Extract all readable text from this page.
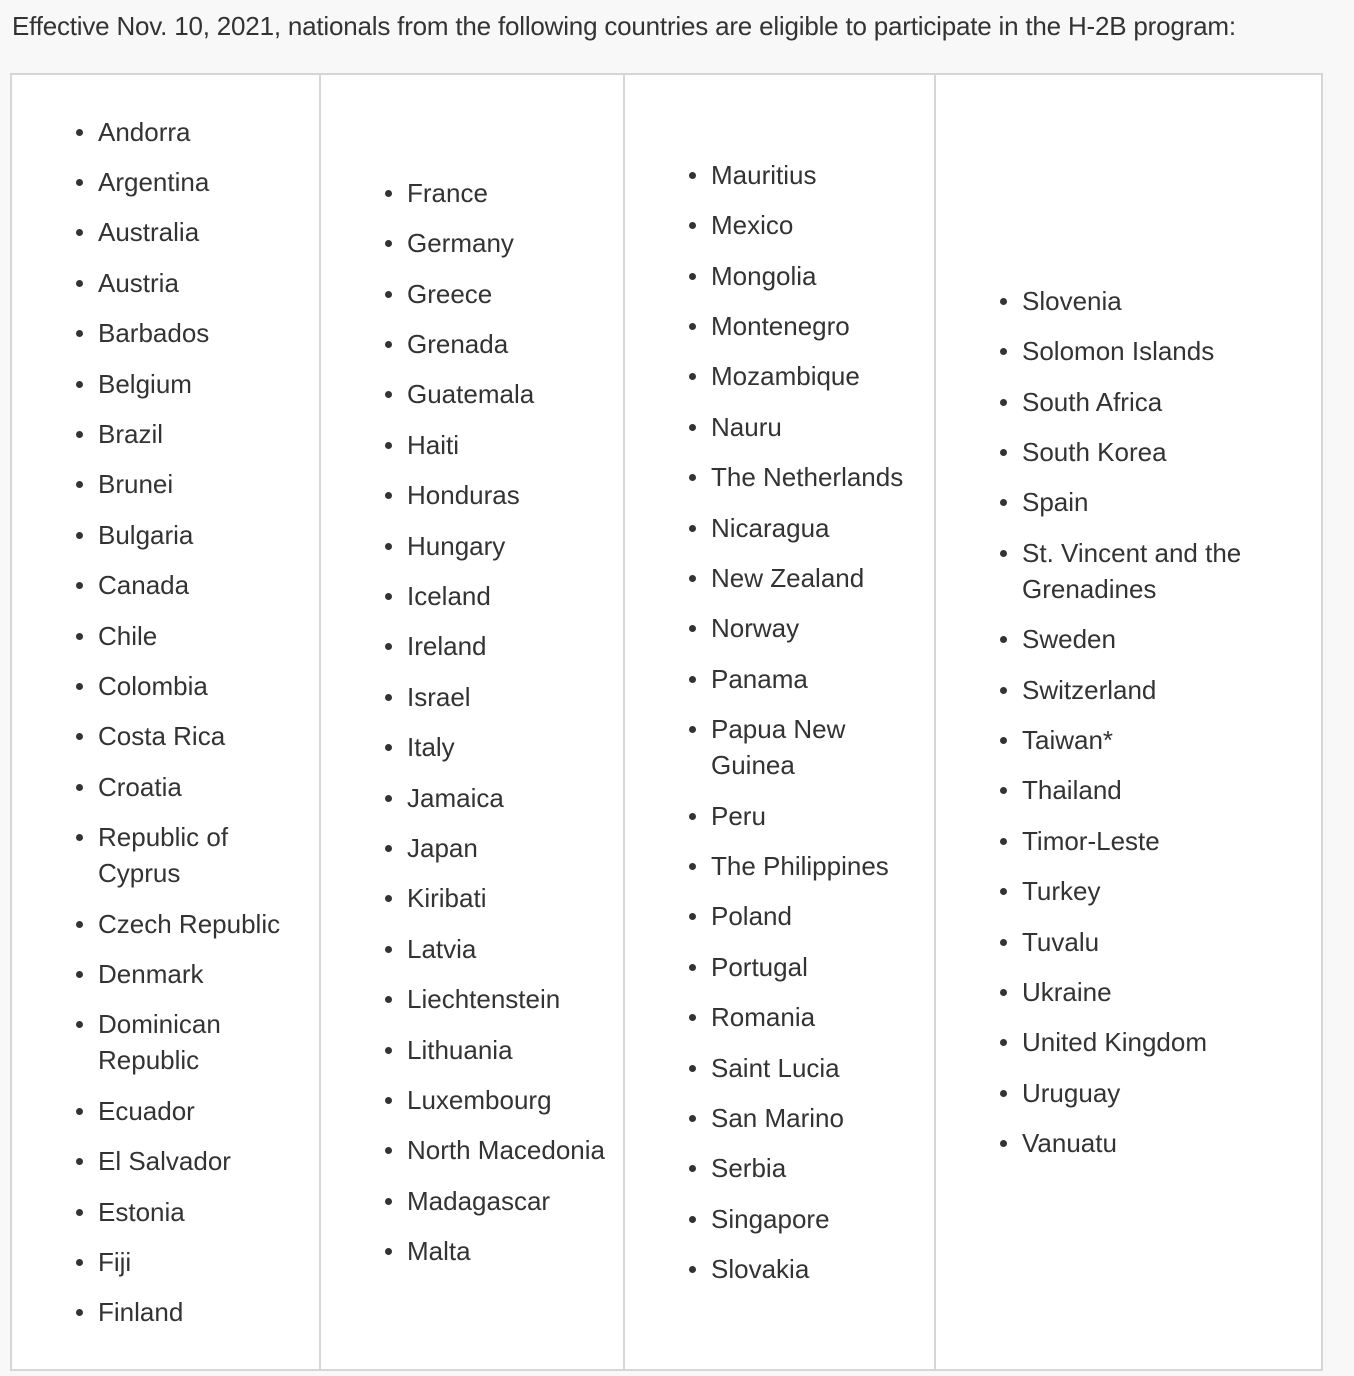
Effective Nov. 10, 2021, nationals from the following countries are eligible to participate in the H-2B program:

Andorra
Argentina
Australia
Austria
Barbados
Belgium
Brazil
Brunei
Bulgaria
Canada
Chile
Colombia
Costa Rica
Croatia
Republic of Cyprus
Czech Republic
Denmark
Dominican Republic
Ecuador
El Salvador
Estonia
Fiji
Finland

France
Germany
Greece
Grenada
Guatemala
Haiti
Honduras
Hungary
Iceland
Ireland
Israel
Italy
Jamaica
Japan
Kiribati
Latvia
Liechtenstein
Lithuania
Luxembourg
North Macedonia
Madagascar
Malta

Mauritius
Mexico
Mongolia
Montenegro
Mozambique
Nauru
The Netherlands
Nicaragua
New Zealand
Norway
Panama
Papua New Guinea
Peru
The Philippines
Poland
Portugal
Romania
Saint Lucia
San Marino
Serbia
Singapore
Slovakia

Slovenia
Solomon Islands
South Africa
South Korea
Spain
St. Vincent and the Grenadines
Sweden
Switzerland
Taiwan*
Thailand
Timor-Leste
Turkey
Tuvalu
Ukraine
United Kingdom
Uruguay
Vanuatu
